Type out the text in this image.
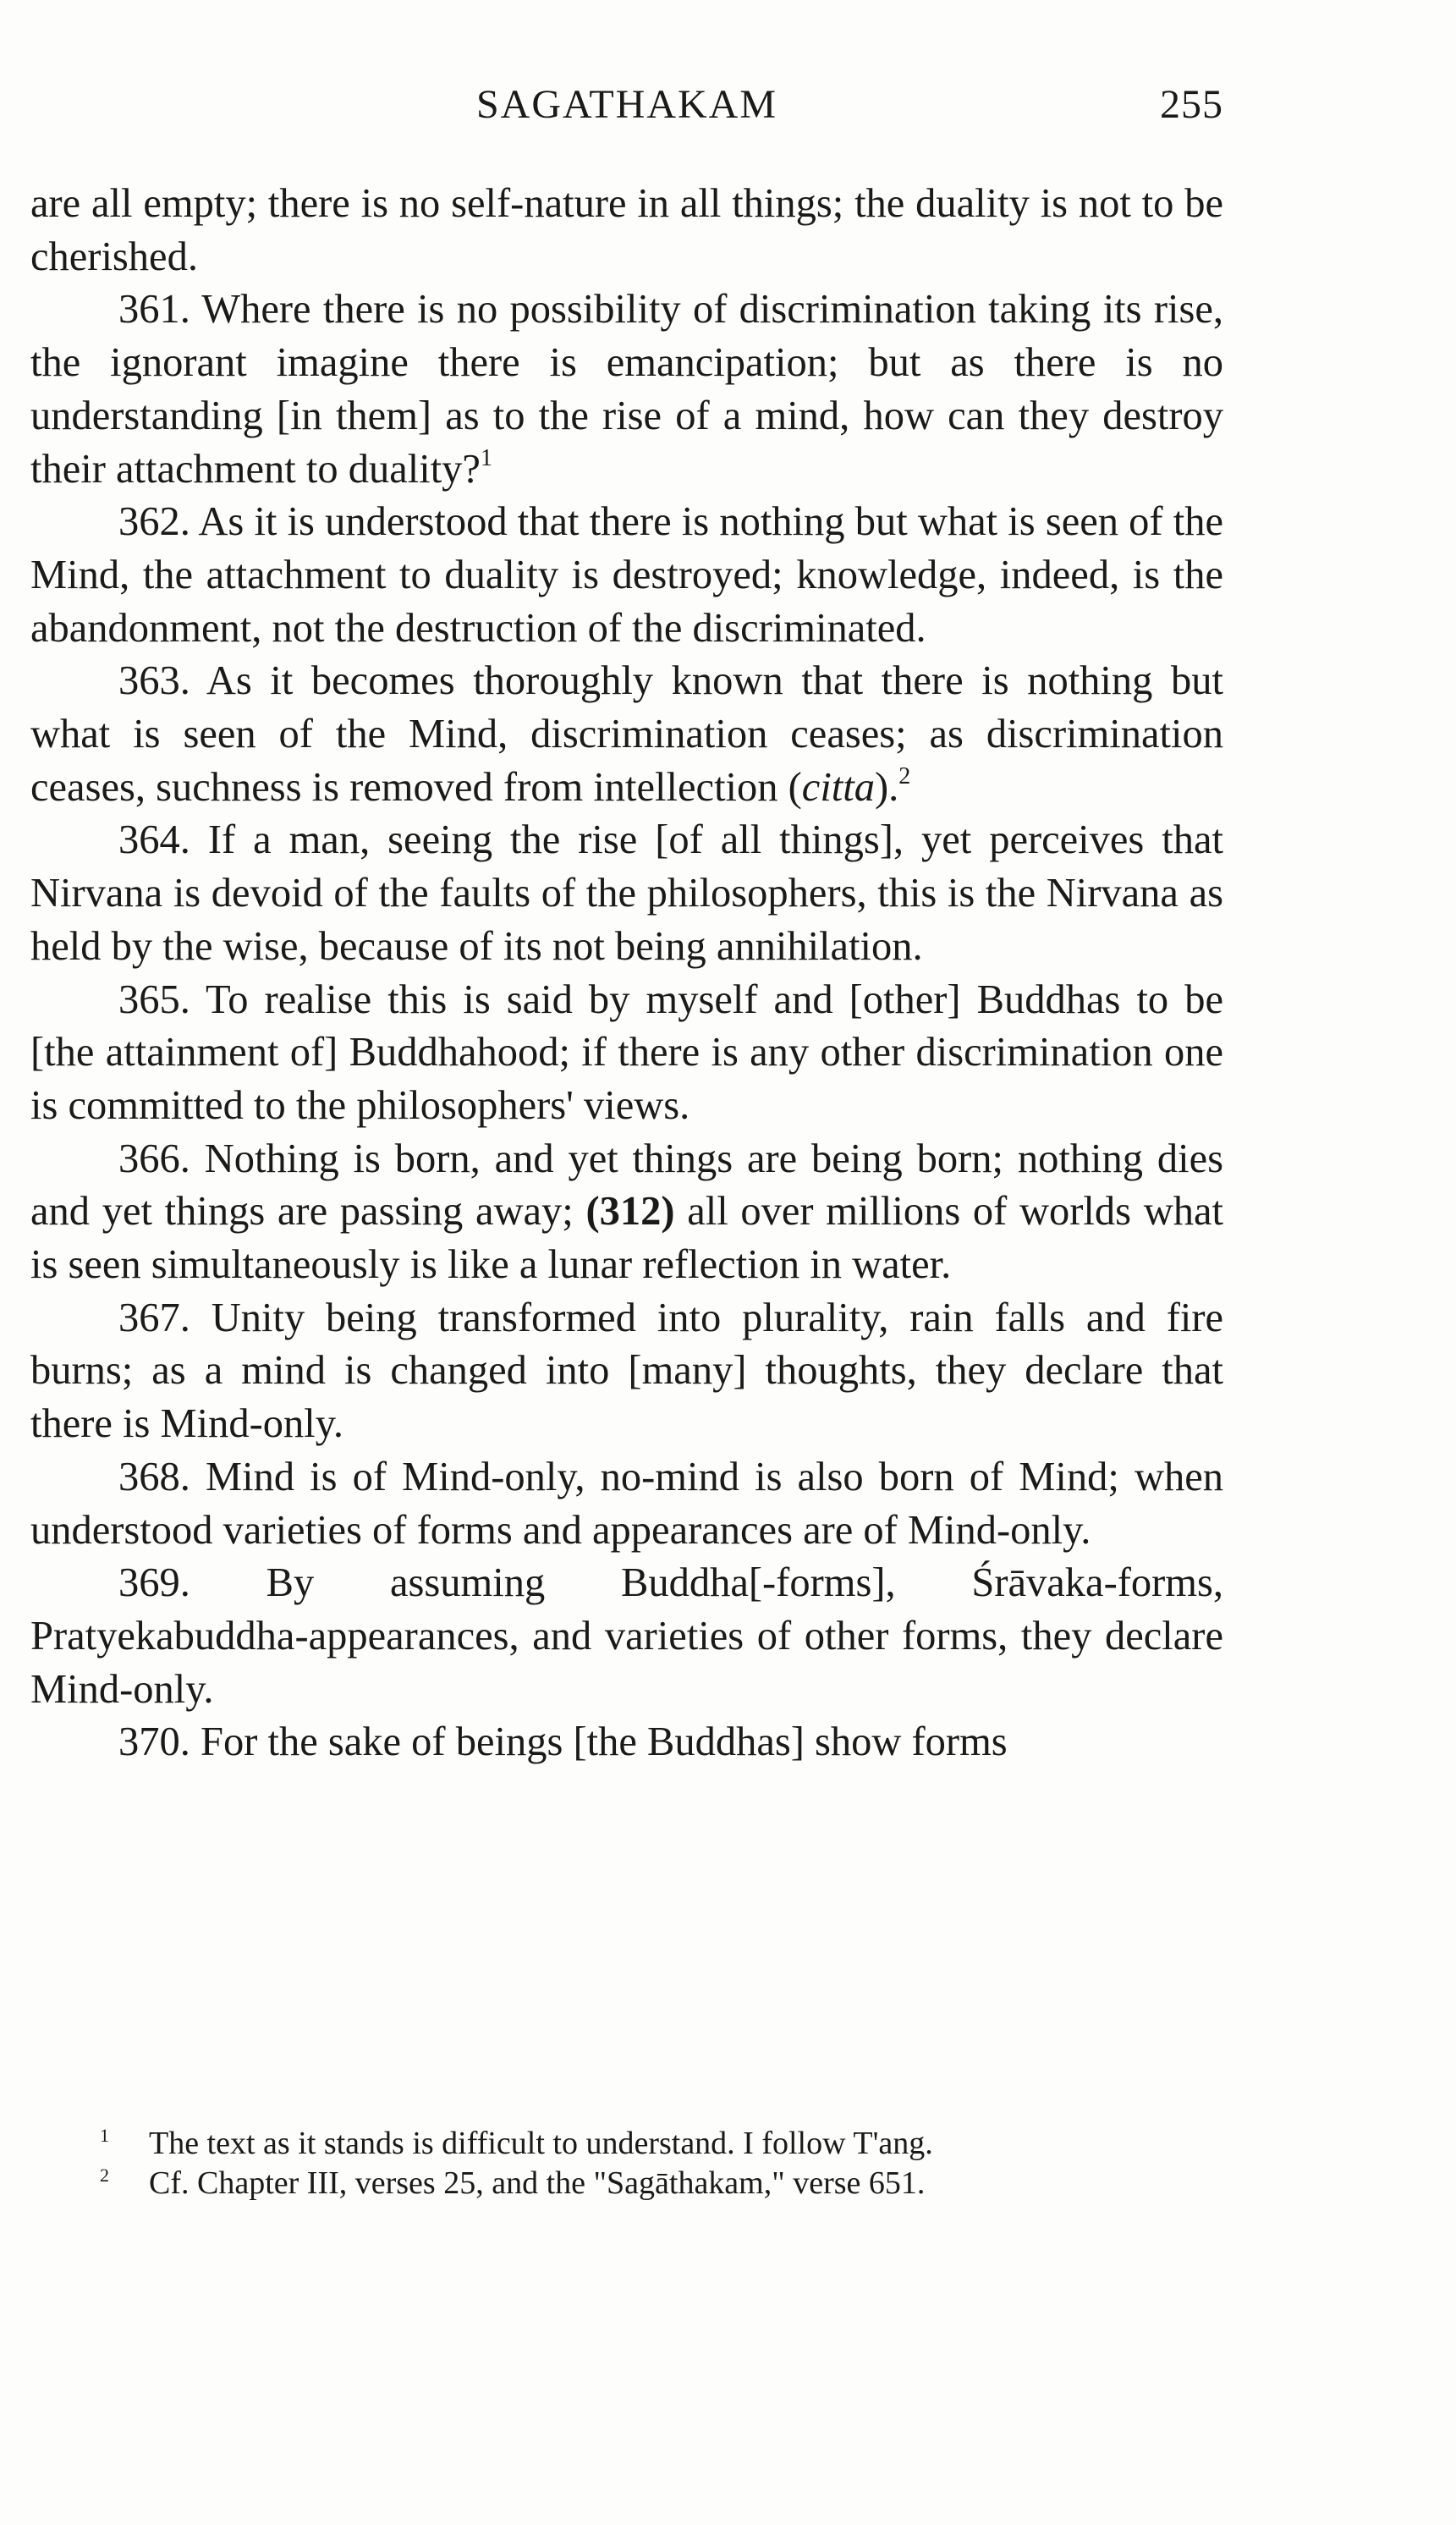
SAGATHAKAM	255

are all empty; there is no self-nature in all things; the duality is not to be cherished.

361. Where there is no possibility of discrimination taking its rise, the ignorant imagine there is emancipation; but as there is no understanding [in them] as to the rise of a mind, how can they destroy their attachment to duality?$^1$

362. As it is understood that there is nothing but what is seen of the Mind, the attachment to duality is destroyed; knowledge, indeed, is the abandonment, not the destruction of the discriminated.

363. As it becomes thoroughly known that there is nothing but what is seen of the Mind, discrimination ceases; as discrimination ceases, suchness is removed from intellection (citta).$^2$

364. If a man, seeing the rise [of all things], yet perceives that Nirvana is devoid of the faults of the philosophers, this is the Nirvana as held by the wise, because of its not being annihilation.

365. To realise this is said by myself and [other] Buddhas to be [the attainment of] Buddhahood; if there is any other discrimination one is committed to the philosophers' views.

366. Nothing is born, and yet things are being born; nothing dies and yet things are passing away; (312) all over millions of worlds what is seen simultaneously is like a lunar reflection in water.

367. Unity being transformed into plurality, rain falls and fire burns; as a mind is changed into [many] thoughts, they declare that there is Mind-only.

368. Mind is of Mind-only, no-mind is also born of Mind; when understood varieties of forms and appearances are of Mind-only.

369. By assuming Buddha[-forms], Śrāvaka-forms, Pratyekabuddha-appearances, and varieties of other forms, they declare Mind-only.

370. For the sake of beings [the Buddhas] show forms

1 The text as it stands is difficult to understand. I follow T'ang.
2 Cf. Chapter III, verses 25, and the "Sagāthakam," verse 651.
